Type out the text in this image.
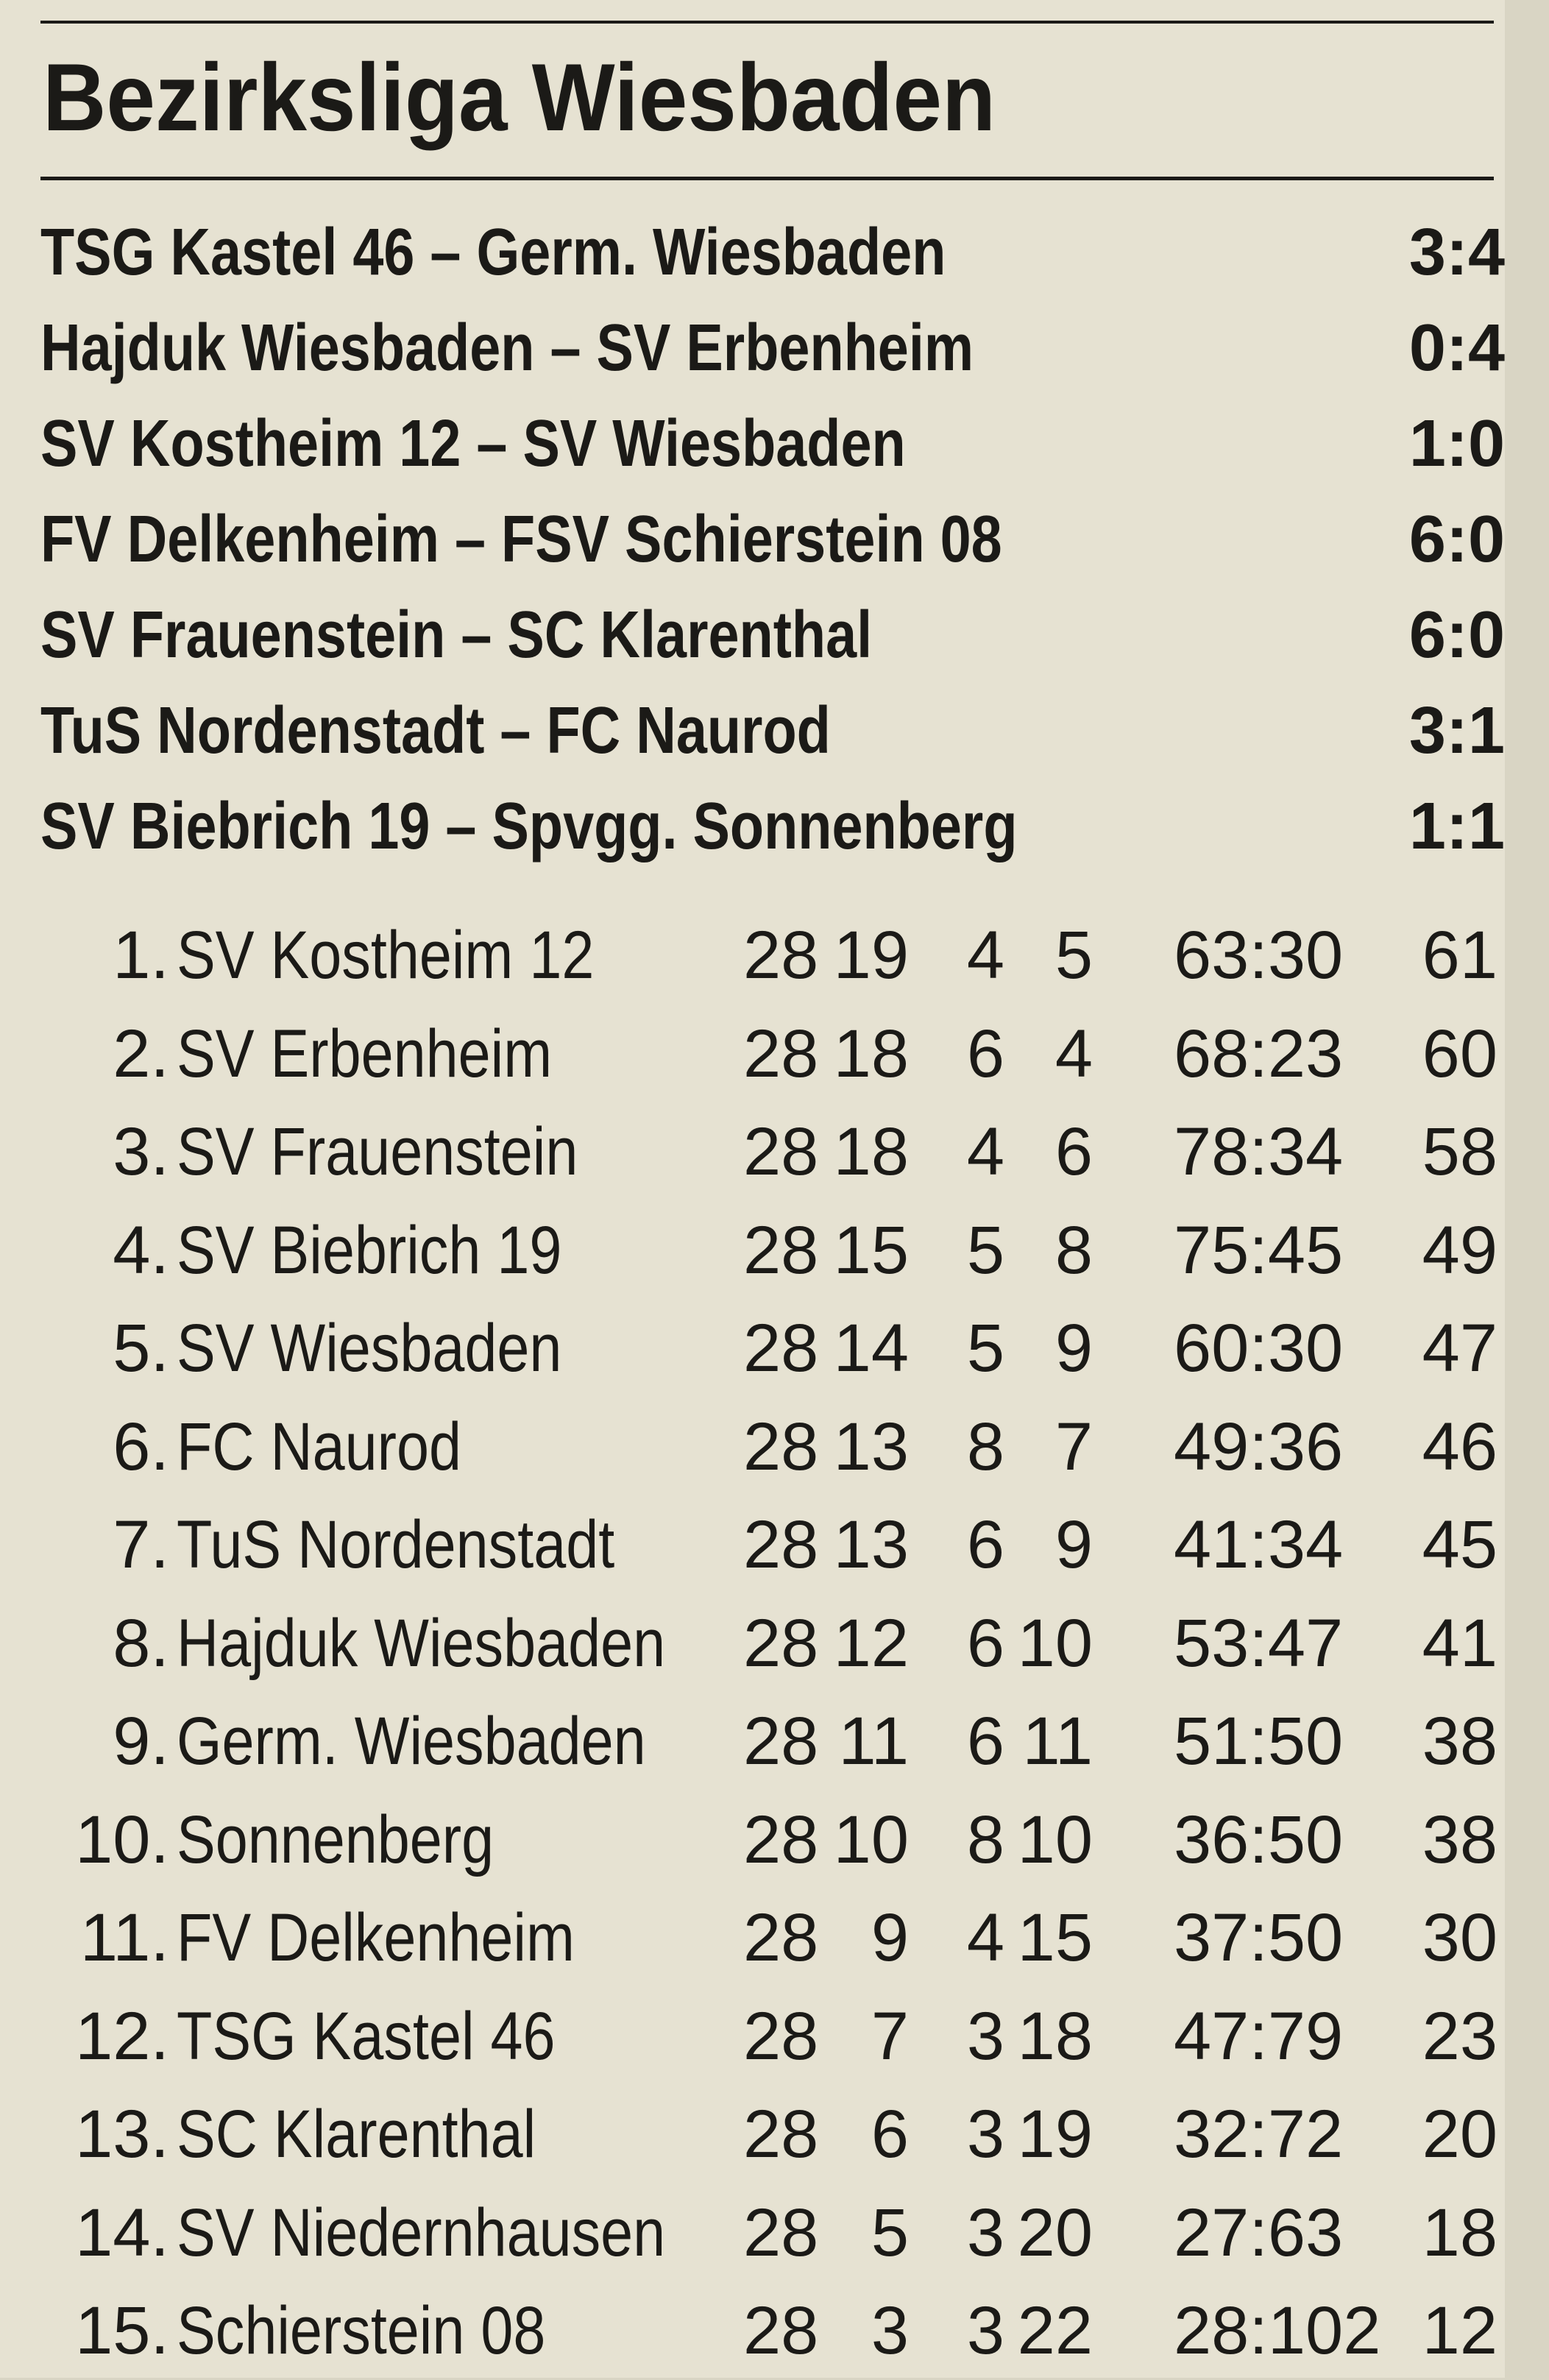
Bezirksliga Wiesbaden
TSG Kastel 46 – Germ. Wiesbaden	3:4
Hajduk Wiesbaden – SV Erbenheim	0:4
SV Kostheim 12 – SV Wiesbaden	1:0
FV Delkenheim – FSV Schierstein 08	6:0
SV Frauenstein – SC Klarenthal	6:0
TuS Nordenstadt – FC Naurod	3:1
SV Biebrich 19 – Spvgg. Sonnenberg	1:1
1. SV Kostheim 12 28 19 4 5 63:30 61
2. SV Erbenheim	28 18 6 4 68:23 60
3. SV Frauenstein 28 18 4 6 78:34 58
4. SV Biebrich 19	28 15 5 8 75:45 49
5. SV Wiesbaden	28 14 5 9 60:30 47
6. FC Naurod	28 13 8 7 49:36 46
7. TuS Nordenstadt 28 13 6 9 41:34 45
8. Hajduk Wiesbaden 28 12 6 10 53:47 41
9. Germ. Wiesbaden 28 11 6 11 51:50 38
10. Sonnenberg	28 10 8 10 36:50 38
11. FV Delkenheim 28 9 4 15 37:50 30
12. TSG Kastel 46	28 7 3 18 47:79 23
13. SC Klarenthal	28 6 3 19 32:72 20
14. SV Niedernhausen 28 5 3 20 27:63 18
15. Schierstein 08	28 3 3 22 28:102 12
